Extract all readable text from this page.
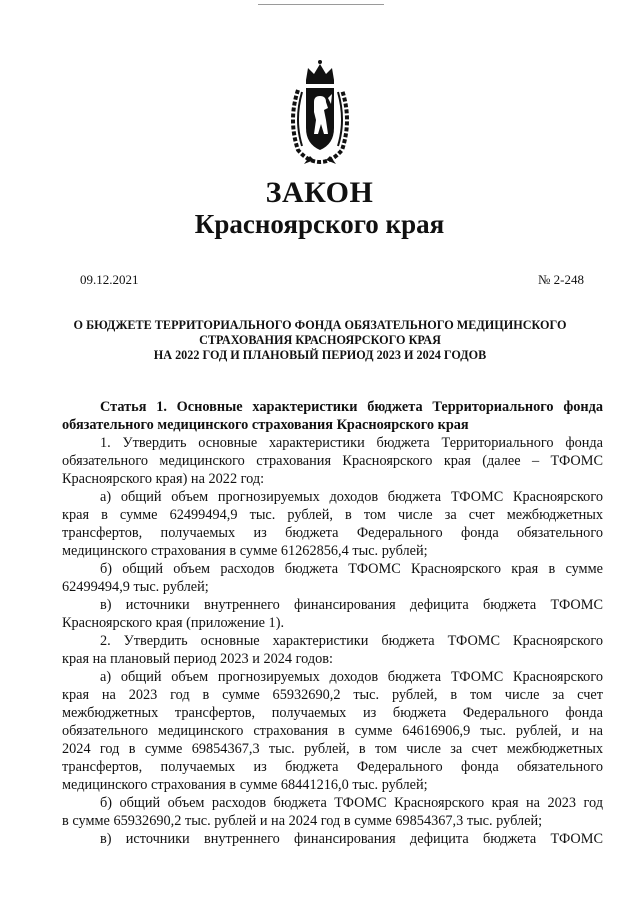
ЗАКОН
Красноярского края
09.12.2021	№ 2-248
О БЮДЖЕТЕ ТЕРРИТОРИАЛЬНОГО ФОНДА ОБЯЗАТЕЛЬНОГО МЕДИЦИНСКОГО
СТРАХОВАНИЯ КРАСНОЯРСКОГО КРАЯ
НА 2022 ГОД И ПЛАНОВЫЙ ПЕРИОД 2023 И 2024 ГОДОВ
Статья 1. Основные характеристики бюджета Территориального фонда
обязательного медицинского страхования Красноярского края
1. Утвердить основные характеристики бюджета Территориального фонда
обязательного медицинского страхования Красноярского края (далее – ТФОМС
Красноярского края) на 2022 год:
а) общий объем прогнозируемых доходов бюджета ТФОМС Красноярского
края в сумме 62499494,9 тыс. рублей, в том числе за счет межбюджетных
трансфертов, получаемых из бюджета Федерального фонда обязательного
медицинского страхования в сумме 61262856,4 тыс. рублей;
б) общий объем расходов бюджета ТФОМС Красноярского края в сумме
62499494,9 тыс. рублей;
в) источники внутреннего финансирования дефицита бюджета ТФОМС
Красноярского края (приложение 1).
2. Утвердить основные характеристики бюджета ТФОМС Красноярского
края на плановый период 2023 и 2024 годов:
а) общий объем прогнозируемых доходов бюджета ТФОМС Красноярского
края на 2023 год в сумме 65932690,2 тыс. рублей, в том числе за счет
межбюджетных трансфертов, получаемых из бюджета Федерального фонда
обязательного медицинского страхования в сумме 64616906,9 тыс. рублей, и на
2024 год в сумме 69854367,3 тыс. рублей, в том числе за счет межбюджетных
трансфертов, получаемых из бюджета Федерального фонда обязательного
медицинского страхования в сумме 68441216,0 тыс. рублей;
б) общий объем расходов бюджета ТФОМС Красноярского края на 2023 год
в сумме 65932690,2 тыс. рублей и на 2024 год в сумме 69854367,3 тыс. рублей;
в) источники внутреннего финансирования дефицита бюджета ТФОМС
